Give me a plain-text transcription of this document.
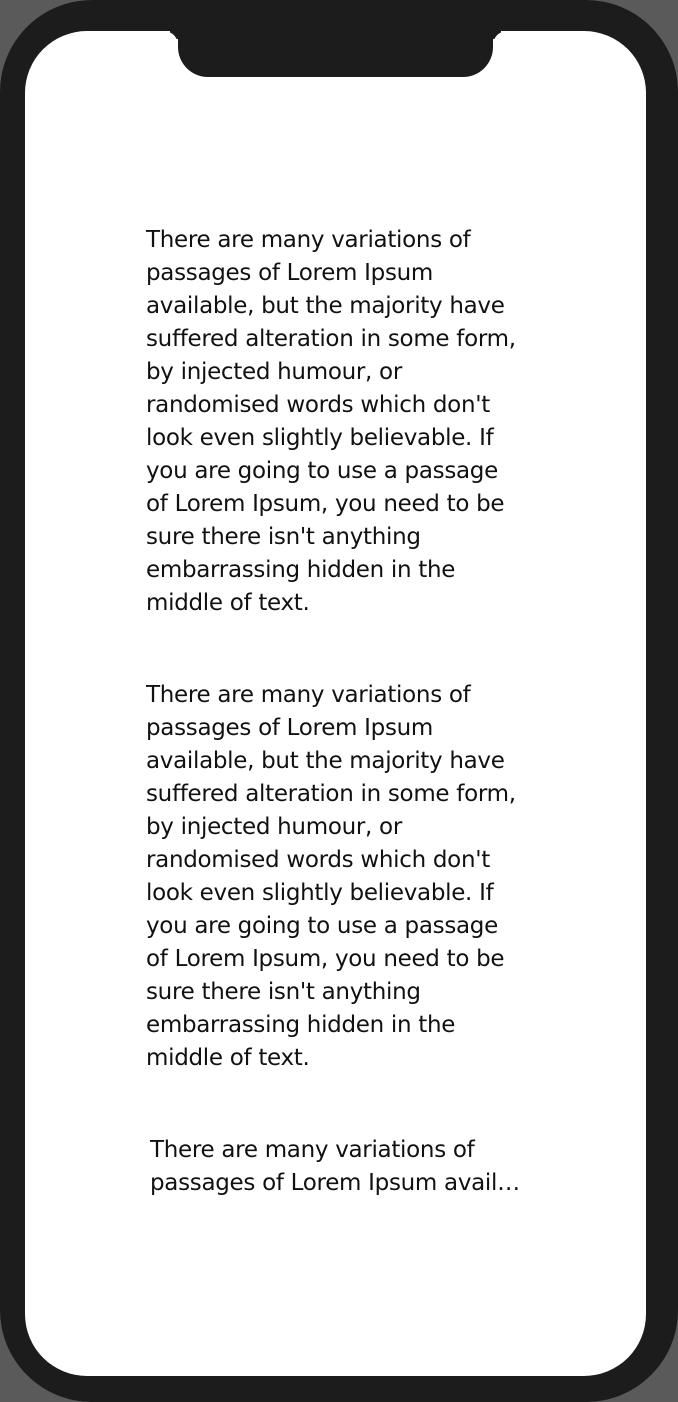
There are many variations of passages of Lorem Ipsum available, but the majority have suffered alteration in some form, by injected humour, or randomised words which don't look even slightly believable. If you are going to use a passage of Lorem Ipsum, you need to be sure there isn't anything embarrassing hidden in the middle of text.

There are many variations of passages of Lorem Ipsum available, but the majority have suffered alteration in some form, by injected humour, or randomised words which don't look even slightly believable. If you are going to use a passage of Lorem Ipsum, you need to be sure there isn't anything embarrassing hidden in the middle of text.

There are many variations of passages of Lorem Ipsum avail…
